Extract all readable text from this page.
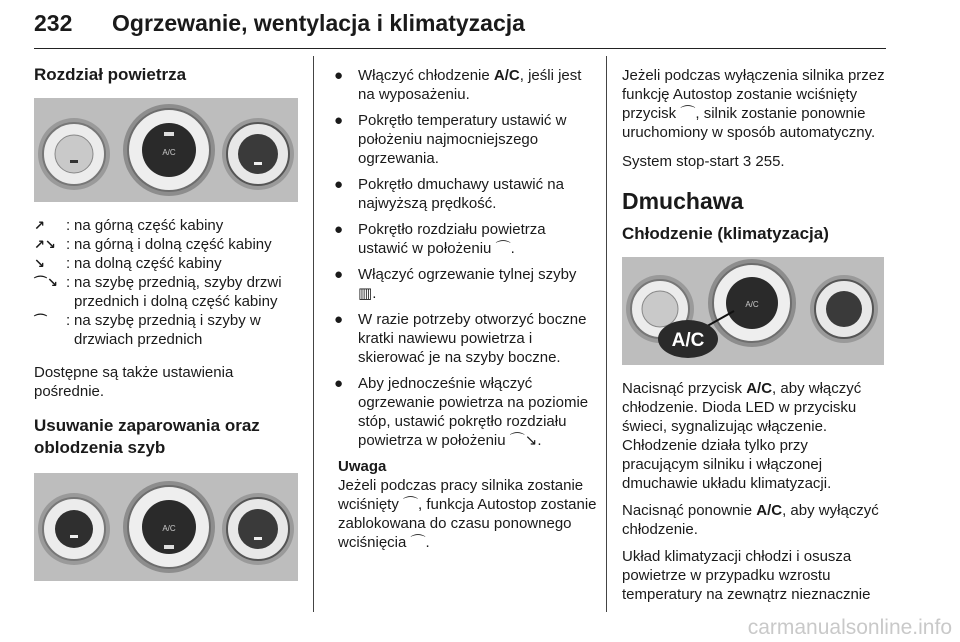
232 Ogrzewanie, wentylacja i klimatyzacja
Rozdział powietrza
A/C
↗	: na górną część kabiny
↗↘ : na górną i dolną część kabiny
↘	: na dolną część kabiny
⌒↘ : na szybę przednią, szyby drzwi przednich i dolną część kabiny
⌒	: na szybę przednią i szyby w drzwiach przednich

Dostępne są także ustawienia pośrednie.

Usuwanie zaparowania oraz oblodzenia szyb
A/C
● Włączyć chłodzenie A/C, jeśli jest na wyposażeniu.
● Pokrętło temperatury ustawić w położeniu najmocniejszego ogrzewania.
● Pokrętło dmuchawy ustawić na najwyższą prędkość.
● Pokrętło rozdziału powietrza ustawić w położeniu ⌒.
● Włączyć ogrzewanie tylnej szyby ▥.
● W razie potrzeby otworzyć boczne kratki nawiewu powietrza i skierować je na szyby boczne.
● Aby jednocześnie włączyć ogrzewanie powietrza na poziomie stóp, ustawić pokrętło rozdziału powietrza w położeniu ⌒↘.

Uwaga

Jeżeli podczas pracy silnika zostanie wciśnięty ⌒, funkcja Autostop zostanie zablokowana do czasu ponownego wciśnięcia ⌒.

Jeżeli podczas wyłączenia silnika przez funkcję Autostop zostanie wciśnięty przycisk ⌒, silnik zostanie ponownie uruchomiony w sposób automatyczny.

System stop-start 3 255.

Dmuchawa
Chłodzenie (klimatyzacja)
A/C
A/C

Nacisnąć przycisk A/C, aby włączyć chłodzenie. Dioda LED w przycisku świeci, sygnalizując włączenie. Chłodzenie działa tylko przy pracującym silniku i włączonej dmuchawie układu klimatyzacji.

Nacisnąć ponownie A/C, aby wyłączyć chłodzenie.

Układ klimatyzacji chłodzi i osusza powietrze w przypadku wzrostu temperatury na zewnątrz nieznacznie

carmanualsonline.info
